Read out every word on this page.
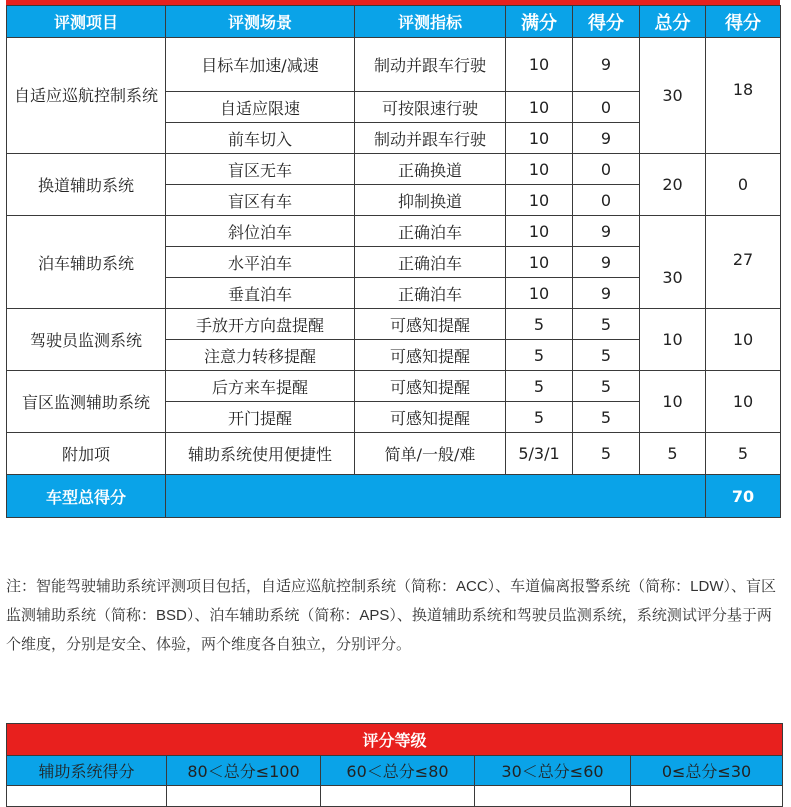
评测项目	评测场景	评测指标	满分	得分	总分	得分
自适应巡航控制系统	目标车加速/减速	制动并跟车行驶	10	9	30	18
	自适应限速	可按限速行驶	10	0		
	前车切入	制动并跟车行驶	10	9		
换道辅助系统	盲区无车	正确换道	10	0	20	0
	盲区有车	抑制换道	10	0		
泊车辅助系统	斜位泊车	正确泊车	10	9	30	27
	水平泊车	正确泊车	10	9		
	垂直泊车	正确泊车	10	9		
驾驶员监测系统	手放开方向盘提醒	可感知提醒	5	5	10	10
	注意力转移提醒	可感知提醒	5	5		
盲区监测辅助系统	后方来车提醒	可感知提醒	5	5	10	10
	开门提醒	可感知提醒	5	5		
附加项	辅助系统使用便捷性	简单/一般/难	5/3/1	5	5	5
车型总得分						70
注：智能驾驶辅助系统评测项目包括，自适应巡航控制系统（简称：ACC）、车道偏离报警系统（简称：LDW）、盲区监测辅助系统（简称：BSD）、泊车辅助系统（简称：APS）、换道辅助系统和驾驶员监测系统，系统测试评分基于两个维度，分别是安全、体验，两个维度各自独立，分别评分。
评分等级				
辅助系统得分	80＜总分≤100	60＜总分≤80	30＜总分≤60	0≤总分≤30
